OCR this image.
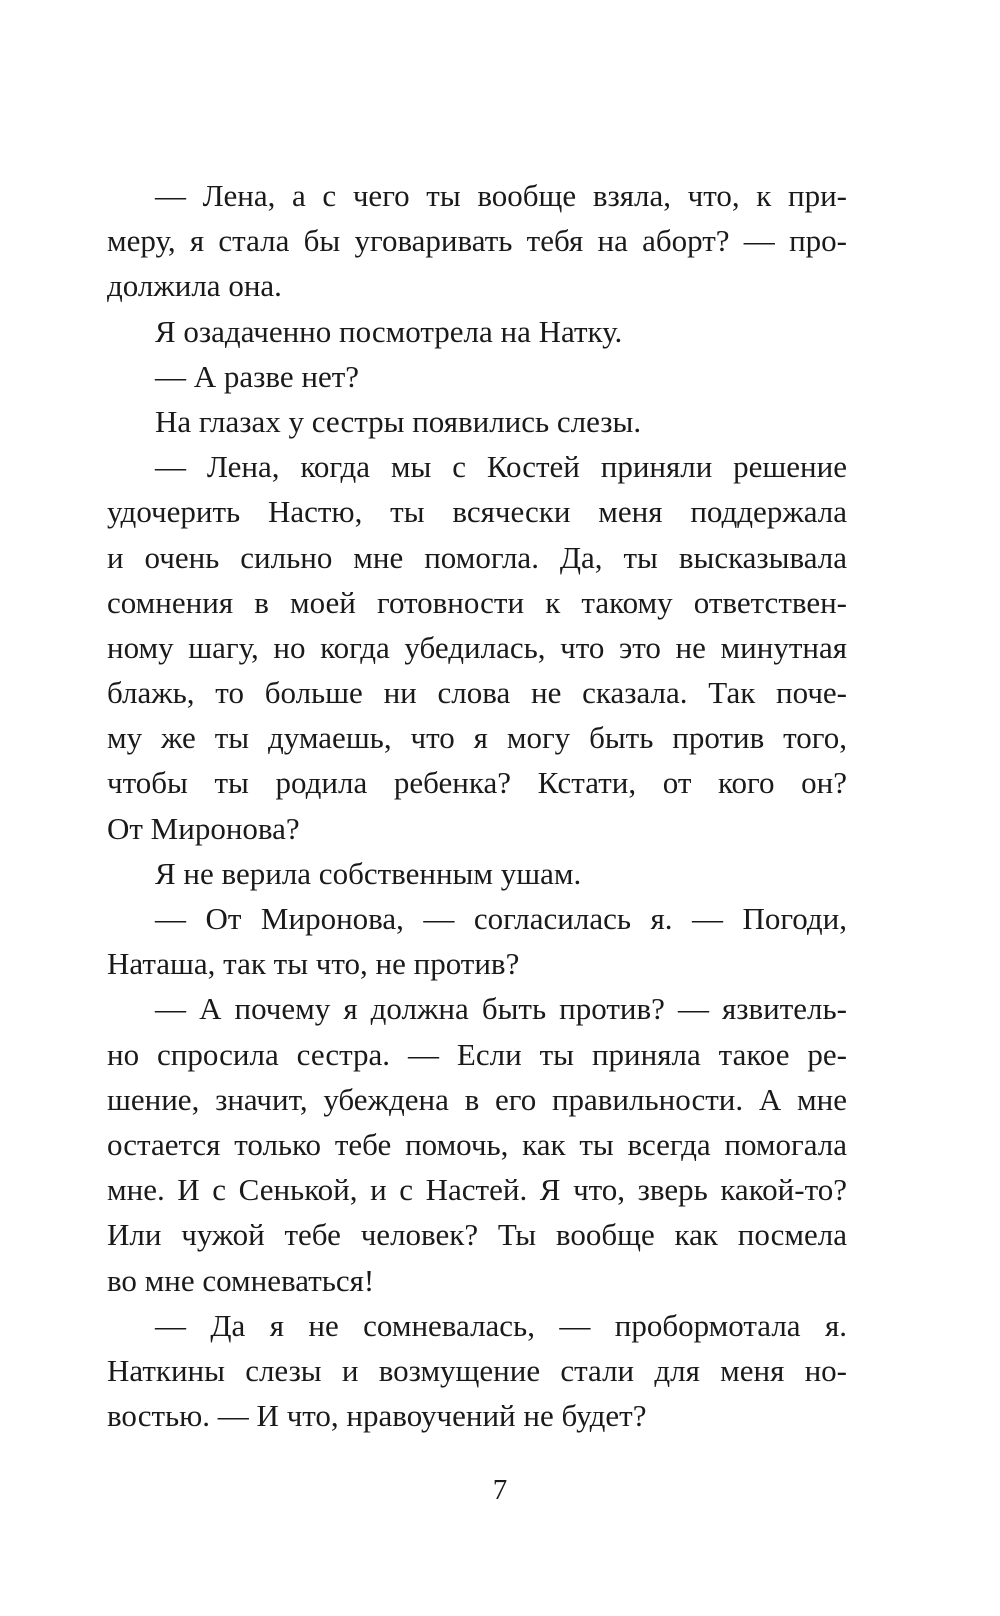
— Лена, а с чего ты вообще взяла, что, к при-
меру, я стала бы уговаривать тебя на аборт? — про-
должила она.
Я озадаченно посмотрела на Натку.
— А разве нет?
На глазах у сестры появились слезы.
— Лена, когда мы с Костей приняли решение
удочерить Настю, ты всячески меня поддержала
и очень сильно мне помогла. Да, ты высказывала
сомнения в моей готовности к такому ответствен-
ному шагу, но когда убедилась, что это не минутная
блажь, то больше ни слова не сказала. Так поче-
му же ты думаешь, что я могу быть против того,
чтобы ты родила ребенка? Кстати, от кого он?
От Миронова?
Я не верила собственным ушам.
— От Миронова, — согласилась я. — Погоди,
Наташа, так ты что, не против?
— А почему я должна быть против? — язвитель-
но спросила сестра. — Если ты приняла такое ре-
шение, значит, убеждена в его правильности. А мне
остается только тебе помочь, как ты всегда помогала
мне. И с Сенькой, и с Настей. Я что, зверь какой-то?
Или чужой тебе человек? Ты вообще как посмела
во мне сомневаться!
— Да я не сомневалась, — пробормотала я.
Наткины слезы и возмущение стали для меня но-
востью. — И что, нравоучений не будет?
7
